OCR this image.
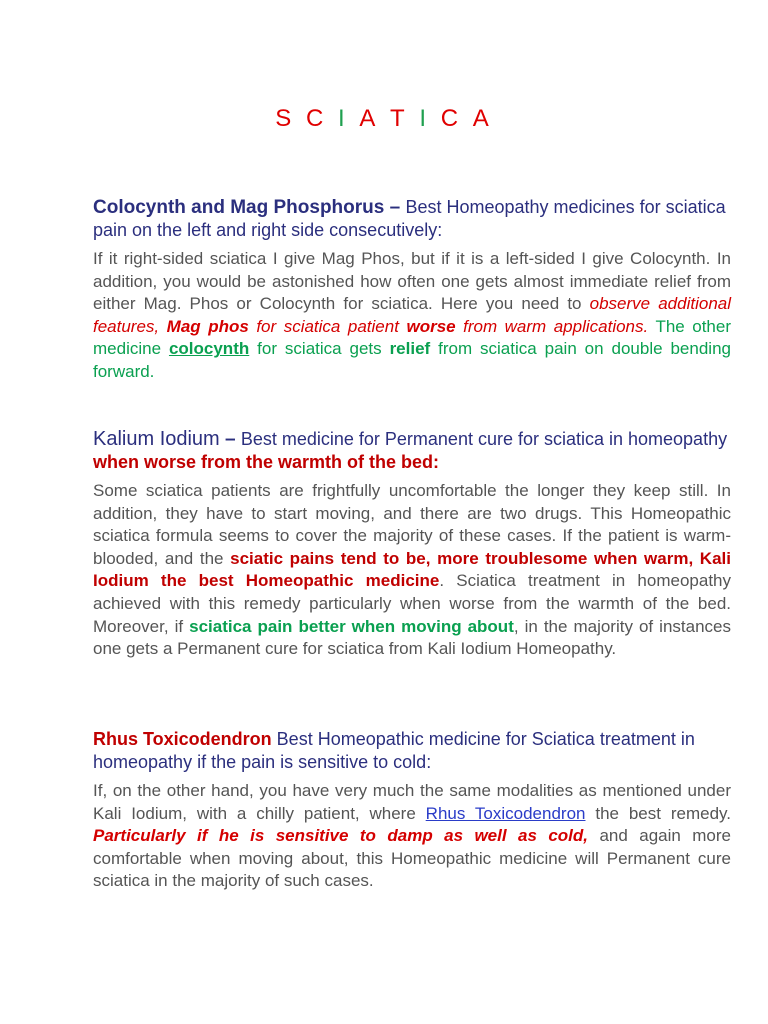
S C I A T I C A

Colocynth and Mag Phosphorus – Best Homeopathy medicines for sciatica pain on the left and right side consecutively:

If it right-sided sciatica I give Mag Phos, but if it is a left-sided I give Colocynth. In addition, you would be astonished how often one gets almost immediate relief from either Mag. Phos or Colocynth for sciatica. Here you need to observe additional features, Mag phos for sciatica patient worse from warm applications. The other medicine colocynth for sciatica gets relief from sciatica pain on double bending forward.

Kalium Iodium – Best medicine for Permanent cure for sciatica in homeopathy when worse from the warmth of the bed:

Some sciatica patients are frightfully uncomfortable the longer they keep still. In addition, they have to start moving, and there are two drugs. This Homeopathic sciatica formula seems to cover the majority of these cases. If the patient is warm-blooded, and the sciatic pains tend to be, more troublesome when warm, Kali Iodium the best Homeopathic medicine. Sciatica treatment in homeopathy achieved with this remedy particularly when worse from the warmth of the bed. Moreover, if sciatica pain better when moving about, in the majority of instances one gets a Permanent cure for sciatica from Kali Iodium Homeopathy.

Rhus Toxicodendron Best Homeopathic medicine for Sciatica treatment in homeopathy if the pain is sensitive to cold:

If, on the other hand, you have very much the same modalities as mentioned under Kali Iodium, with a chilly patient, where Rhus Toxicodendron the best remedy. Particularly if he is sensitive to damp as well as cold, and again more comfortable when moving about, this Homeopathic medicine will Permanent cure sciatica in the majority of such cases.
